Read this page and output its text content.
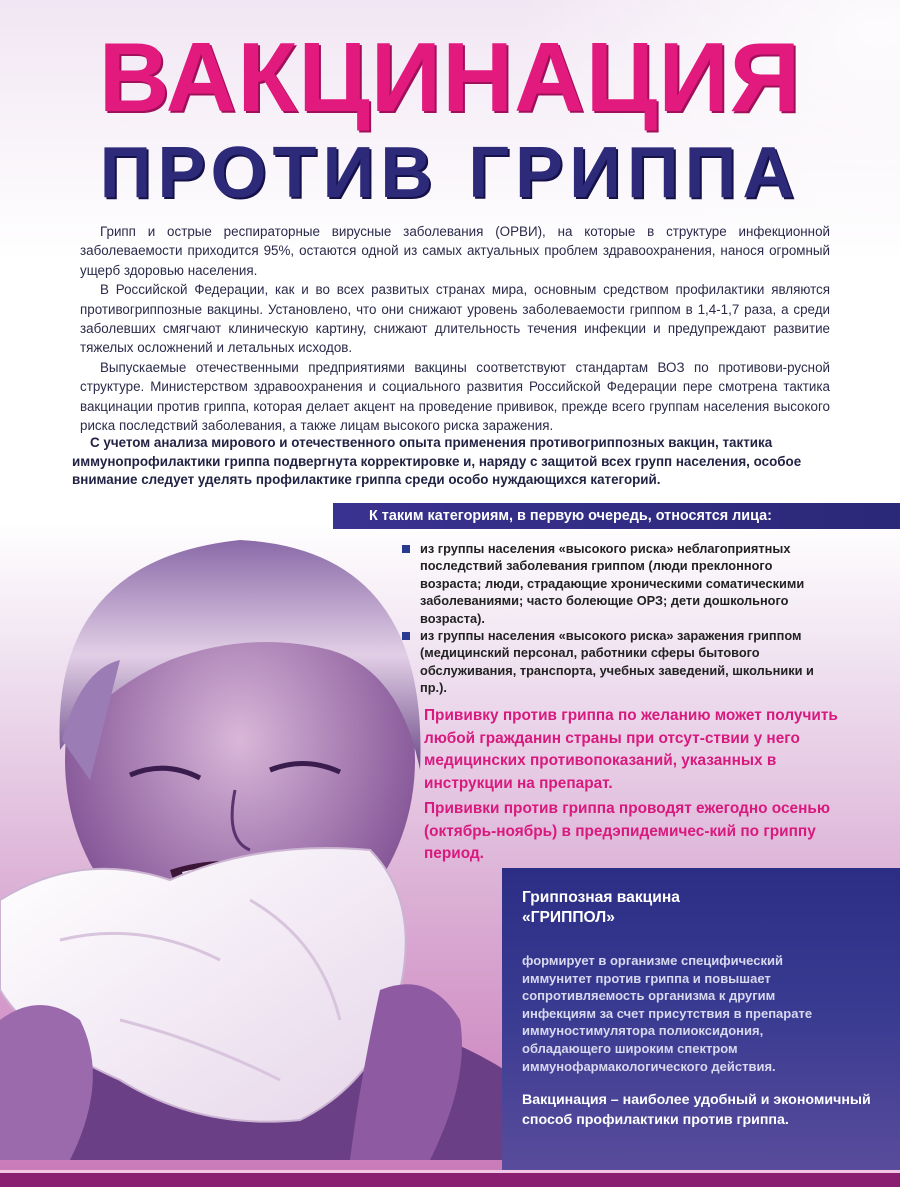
ВАКЦИНАЦИЯ
ПРОТИВ ГРИППА

Грипп и острые респираторные вирусные заболевания (ОРВИ), на которые в структуре инфекционной заболеваемости приходится 95%, остаются одной из самых актуальных проблем здравоохранения, нанося огромный ущерб здоровью населения.

В Российской Федерации, как и во всех развитых странах мира, основным средством профилактики являются противогриппозные вакцины. Установлено, что они снижают уровень заболеваемости гриппом в 1,4-1,7 раза, а среди заболевших смягчают клиническую картину, снижают длительность течения инфекции и предупреждают развитие тяжелых осложнений и летальных исходов.

Выпускаемые отечественными предприятиями вакцины соответствуют стандартам ВОЗ по противови-русной структуре. Министерством здравоохранения и социального развития Российской Федерации пере смотрена тактика вакцинации против гриппа, которая делает акцент на проведение прививок, прежде всего группам населения высокого риска последствий заболевания, а также лицам высокого риска заражения.

С учетом анализа мирового и отечественного опыта применения противогриппозных вакцин, тактика иммунопрофилактики гриппа подвергнута корректировке и, наряду с защитой всех групп населения, особое внимание следует уделять профилактике гриппа среди особо нуждающихся категорий.
К таким категориям, в первую очередь, относятся лица:
из группы населения «высокого риска» неблагоприятных последствий заболевания гриппом (люди преклонного возраста; люди, страдающие хроническими соматическими заболеваниями; часто болеющие ОРЗ; дети дошкольного возраста).
из группы населения «высокого риска» заражения гриппом (медицинский персонал, работники сферы бытового обслуживания, транспорта, учебных заведений, школьники и пр.).
Прививку против гриппа по желанию может получить любой гражданин страны при отсут-ствии у него медицинских противопоказаний, указанных в инструкции на препарат.
Прививки против гриппа проводят ежегодно осенью (октябрь-ноябрь) в предэпидемичес-кий по гриппу период.
Гриппозная вакцина
«ГРИППОЛ»
формирует в организме специфический иммунитет против гриппа и повышает сопротивляемость организма к другим инфекциям за счет присутствия в препарате иммуностимулятора полиоксидония, обладающего широким спектром иммунофармакологического действия.
Вакцинация – наиболее удобный и экономичный способ профилактики против гриппа.
